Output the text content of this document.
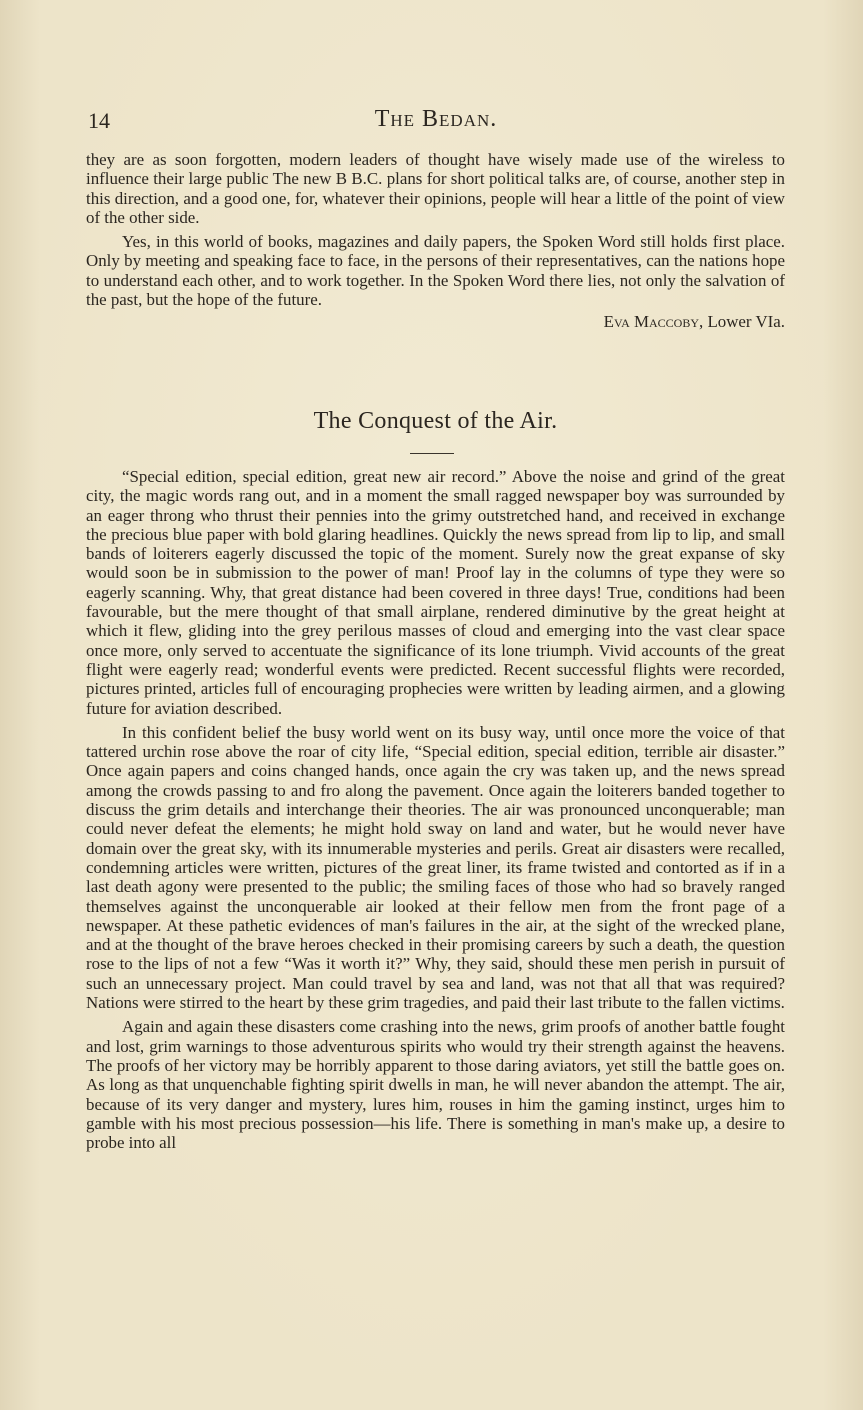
14	The Bedan.

they are as soon forgotten, modern leaders of thought have wisely made use of the wireless to influence their large public The new B B.C. plans for short political talks are, of course, another step in this direction, and a good one, for, whatever their opinions, people will hear a little of the point of view of the other side.

Yes, in this world of books, magazines and daily papers, the Spoken Word still holds first place. Only by meeting and speaking face to face, in the persons of their representatives, can the nations hope to understand each other, and to work together. In the Spoken Word there lies, not only the salvation of the past, but the hope of the future.

Eva Maccoby, Lower VIa.
The Conquest of the Air.

“Special edition, special edition, great new air record.” Above the noise and grind of the great city, the magic words rang out, and in a moment the small ragged newspaper boy was surrounded by an eager throng who thrust their pennies into the grimy outstretched hand, and received in exchange the precious blue paper with bold glaring headlines. Quickly the news spread from lip to lip, and small bands of loiterers eagerly discussed the topic of the moment. Surely now the great expanse of sky would soon be in submission to the power of man! Proof lay in the columns of type they were so eagerly scanning. Why, that great distance had been covered in three days! True, conditions had been favourable, but the mere thought of that small airplane, rendered diminutive by the great height at which it flew, gliding into the grey perilous masses of cloud and emerging into the vast clear space once more, only served to accentuate the significance of its lone triumph. Vivid accounts of the great flight were eagerly read; wonderful events were predicted. Recent successful flights were recorded, pictures printed, articles full of encouraging prophecies were written by leading airmen, and a glowing future for aviation described.

In this confident belief the busy world went on its busy way, until once more the voice of that tattered urchin rose above the roar of city life, “Special edition, special edition, terrible air disaster.” Once again papers and coins changed hands, once again the cry was taken up, and the news spread among the crowds passing to and fro along the pavement. Once again the loiterers banded together to discuss the grim details and interchange their theories. The air was pronounced unconquerable; man could never defeat the elements; he might hold sway on land and water, but he would never have domain over the great sky, with its innumerable mysteries and perils. Great air disasters were recalled, condemning articles were written, pictures of the great liner, its frame twisted and contorted as if in a last death agony were presented to the public; the smiling faces of those who had so bravely ranged themselves against the unconquerable air looked at their fellow men from the front page of a newspaper. At these pathetic evidences of man's failures in the air, at the sight of the wrecked plane, and at the thought of the brave heroes checked in their promising careers by such a death, the question rose to the lips of not a few “Was it worth it?” Why, they said, should these men perish in pursuit of such an unnecessary project. Man could travel by sea and land, was not that all that was required? Nations were stirred to the heart by these grim tragedies, and paid their last tribute to the fallen victims.

Again and again these disasters come crashing into the news, grim proofs of another battle fought and lost, grim warnings to those adventurous spirits who would try their strength against the heavens. The proofs of her victory may be horribly apparent to those daring aviators, yet still the battle goes on. As long as that unquenchable fighting spirit dwells in man, he will never abandon the attempt. The air, because of its very danger and mystery, lures him, rouses in him the gaming instinct, urges him to gamble with his most precious possession—his life. There is something in man's make up, a desire to probe into all
